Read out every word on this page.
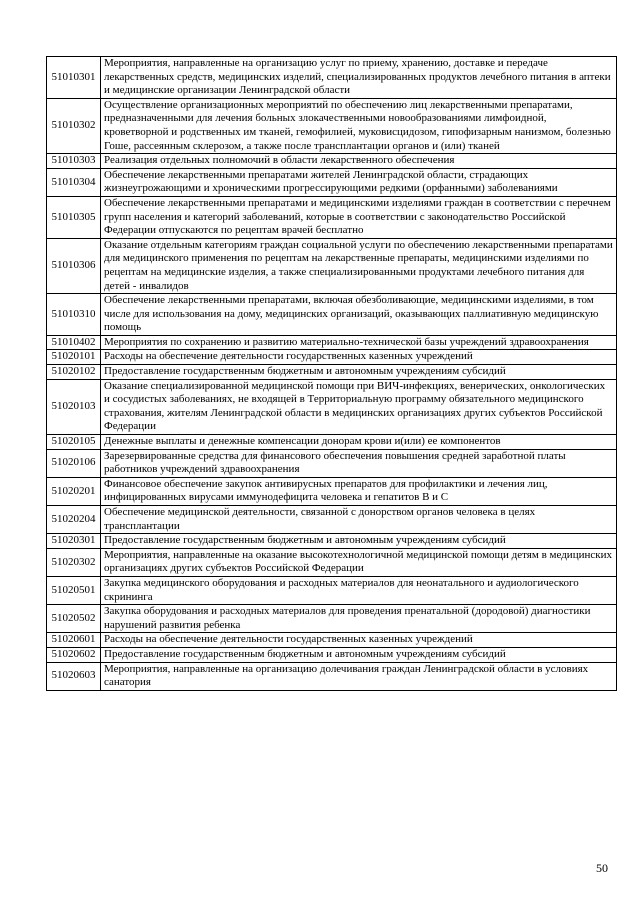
51010301	Мероприятия, направленные на организацию услуг по приему, хранению, доставке и передаче лекарственных средств, медицинских изделий, специализированных продуктов лечебного питания в аптеки и медицинские организации Ленинградской области
51010302	Осуществление организационных мероприятий по обеспечению лиц лекарственными препаратами, предназначенными для лечения больных злокачественными новообразованиями лимфоидной, кроветворной и родственных им тканей, гемофилией, муковисцидозом, гипофизарным нанизмом, болезнью Гоше, рассеянным склерозом, а также после трансплантации органов и (или) тканей
51010303	Реализация отдельных полномочий в области лекарственного обеспечения
51010304	Обеспечение лекарственными препаратами жителей Ленинградской области, страдающих жизнеугрожающими и хроническими прогрессирующими редкими (орфанными) заболеваниями
51010305	Обеспечение лекарственными препаратами и медицинскими изделиями граждан в соответствии с перечнем групп населения и категорий заболеваний, которые в соответствии с законодательство Российской Федерации отпускаются по рецептам врачей бесплатно
51010306	Оказание отдельным категориям граждан социальной услуги по обеспечению лекарственными препаратами для медицинского применения по рецептам на лекарственные препараты, медицинскими изделиями по рецептам на медицинские изделия, а также специализированными продуктами лечебного питания для детей - инвалидов
51010310	Обеспечение лекарственными препаратами, включая обезболивающие, медицинскими изделиями, в том числе для использования на дому, медицинских организаций, оказывающих паллиативную медицинскую помощь
51010402	Мероприятия по сохранению и развитию материально-технической базы учреждений здравоохранения
51020101	Расходы на обеспечение деятельности государственных казенных учреждений
51020102	Предоставление государственным бюджетным и автономным учреждениям субсидий
51020103	Оказание специализированной медицинской помощи при ВИЧ-инфекциях, венерических, онкологических и сосудистых заболеваниях, не входящей в Территориальную программу обязательного медицинского страхования, жителям Ленинградской области в медицинских организациях других субъектов Российской Федерации
51020105	Денежные выплаты и денежные компенсации донорам крови и(или) ее компонентов
51020106	Зарезервированные средства для финансового обеспечения повышения средней заработной платы работников учреждений здравоохранения
51020201	Финансовое обеспечение закупок антивирусных препаратов для профилактики и лечения лиц, инфицированных вирусами иммунодефицита человека и гепатитов В и С
51020204	Обеспечение медицинской деятельности, связанной с донорством органов человека в целях трансплантации
51020301	Предоставление государственным бюджетным и автономным учреждениям субсидий
51020302	Мероприятия, направленные на оказание высокотехнологичной медицинской помощи детям в медицинских организациях других субъектов Российской Федерации
51020501	Закупка медицинского оборудования и расходных материалов для неонатального и аудиологического скрининга
51020502	Закупка оборудования и расходных материалов для проведения пренатальной (дородовой) диагностики нарушений развития ребенка
51020601	Расходы на обеспечение деятельности государственных казенных учреждений
51020602	Предоставление государственным бюджетным и автономным учреждениям субсидий
51020603	Мероприятия, направленные на организацию долечивания граждан Ленинградской области в условиях санатория
50
